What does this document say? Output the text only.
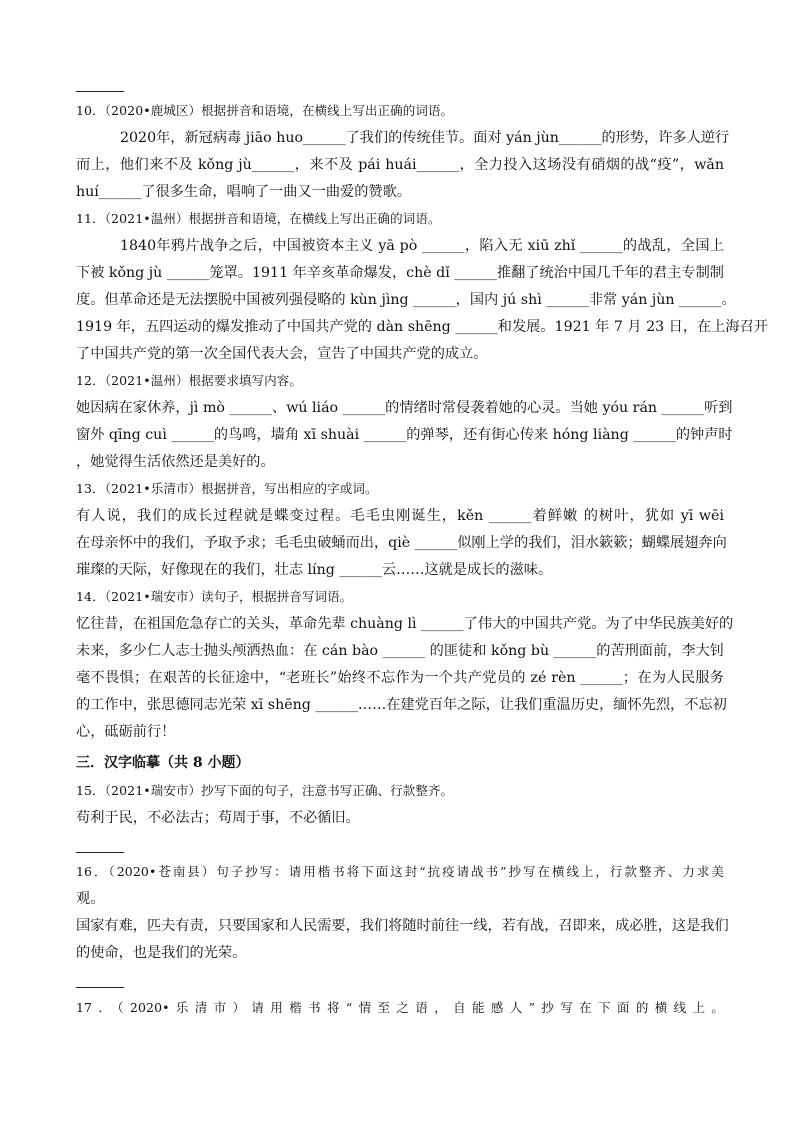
10．（2020•鹿城区）根据拼音和语境，在横线上写出正确的词语。
2020年，新冠病毒 jiāo huo______了我们的传统佳节。面对 yán jùn______的形势，许多人逆行
而上，他们来不及 kǒng jù______，来不及 pái huái______，全力投入这场没有硝烟的战“疫”，wǎn
huí______了很多生命，唱响了一曲又一曲爱的赞歌。
11．（2021•温州）根据拼音和语境，在横线上写出正确的词语。
1840年鸦片战争之后，中国被资本主义 yā pò ______，陷入无 xiū zhǐ ______的战乱，全国上
下被 kǒng jù ______笼罩。1911 年辛亥革命爆发，chè dǐ ______推翻了统治中国几千年的君主专制制
度。但革命还是无法摆脱中国被列强侵略的 kùn jìng ______，国内 jú shì ______非常 yán jùn ______。
1919 年，五四运动的爆发推动了中国共产党的 dàn shēng ______和发展。1921 年 7 月 23 日，在上海召开
了中国共产党的第一次全国代表大会，宣告了中国共产党的成立。
12．（2021•温州）根据要求填写内容。
她因病在家休养，jì mò ______、wú liáo ______的情绪时常侵袭着她的心灵。当她 yóu rán ______听到
窗外 qīng cuì ______的鸟鸣，墙角 xī shuài ______的弹琴，还有街心传来 hóng liàng ______的钟声时
，她觉得生活依然还是美好的。
13．（2021•乐清市）根据拼音，写出相应的字或词。
有人说，我们的成长过程就是蝶变过程。毛毛虫刚诞生，kěn ______着鲜嫩 的树叶，犹如 yī wēi
在母亲怀中的我们，予取予求；毛毛虫破蛹而出，qiè ______似刚上学的我们，泪水簌簌；蝴蝶展翅奔向
璀璨的天际，好像现在的我们，壮志 líng ______云……这就是成长的滋味。
14．（2021•瑞安市）读句子，根据拼音写词语。
忆往昔，在祖国危急存亡的关头，革命先辈 chuàng lì ______了伟大的中国共产党。为了中华民族美好的
未来，多少仁人志士抛头颅洒热血：在 cán bào ______ 的匪徒和 kǒng bù ______的苦刑面前，李大钊
毫不畏惧；在艰苦的长征途中，“老班长”始终不忘作为一个共产党员的 zé rèn ______；在为人民服务
的工作中，张思德同志光荣 xī shēng ______……在建党百年之际，让我们重温历史，缅怀先烈，不忘初
心，砥砺前行！
三．汉字临摹（共 8 小题）
15．（2021•瑞安市）抄写下面的句子，注意书写正确、行款整齐。
苟利于民，不必法古；苟周于事，不必循旧。
16．（2020•苍南县）句子抄写：请用楷书将下面这封“抗疫请战书”抄写在横线上，行款整齐、力求美
观。
国家有难，匹夫有责，只要国家和人民需要，我们将随时前往一线，若有战，召即来，成必胜，这是我们
的使命，也是我们的光荣。
17．（2020•乐清市）请用楷书将“情至之语，自能感人”抄写在下面的横线上。
